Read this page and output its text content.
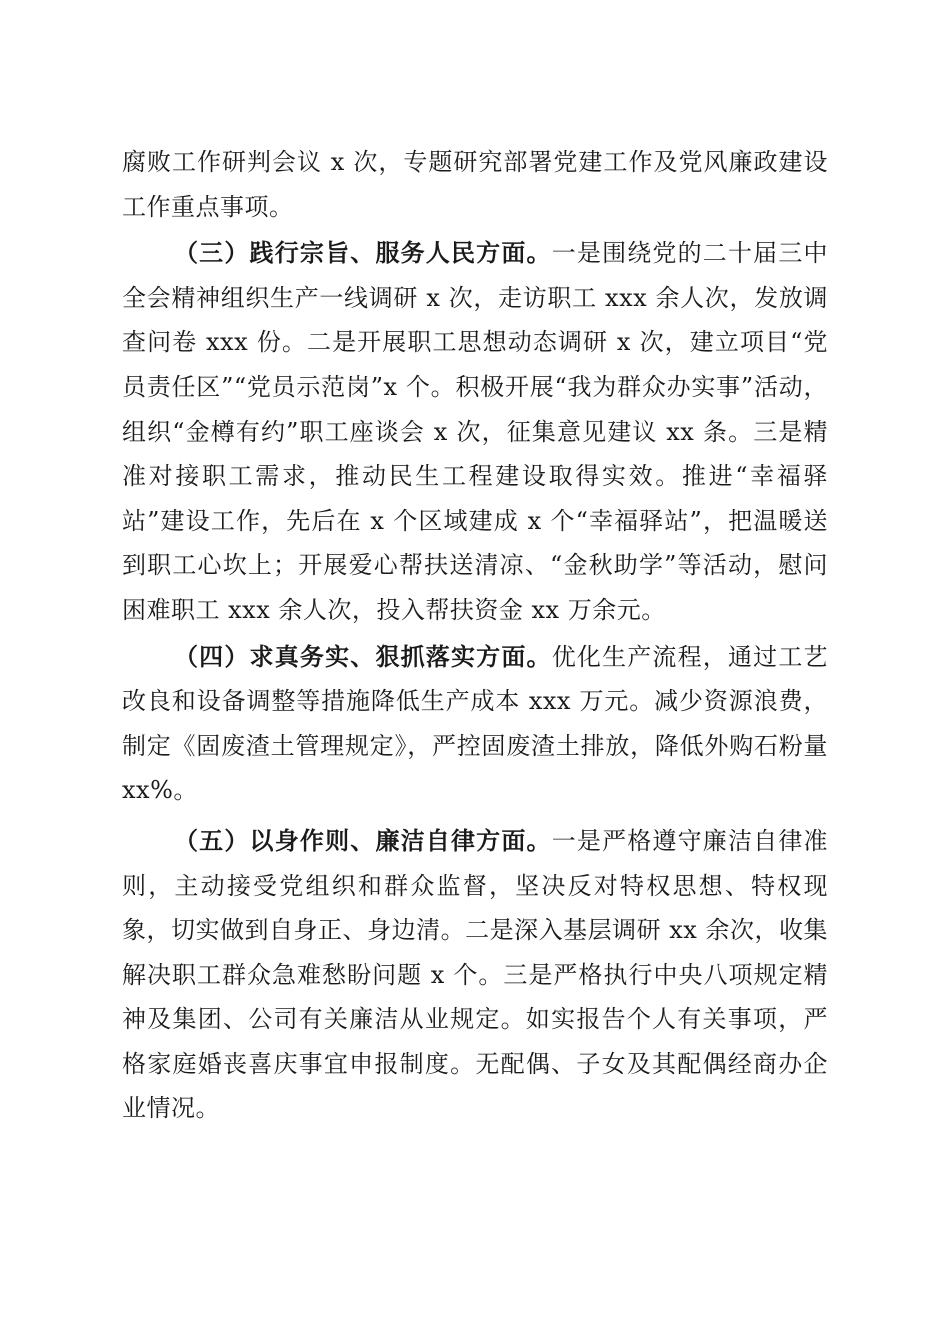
腐败工作研判会议 x 次，专题研究部署党建工作及党风廉政建设工作重点事项。

（三）践行宗旨、服务人民方面。一是围绕党的二十届三中全会精神组织生产一线调研 x 次，走访职工 xxx 余人次，发放调查问卷 xxx 份。二是开展职工思想动态调研 x 次，建立项目“党员责任区”“党员示范岗”x 个。积极开展“我为群众办实事”活动，组织“金樽有约”职工座谈会 x 次，征集意见建议 xx 条。三是精准对接职工需求，推动民生工程建设取得实效。推进“幸福驿站”建设工作，先后在 x 个区域建成 x 个“幸福驿站”，把温暖送到职工心坎上；开展爱心帮扶送清凉、“金秋助学”等活动，慰问困难职工 xxx 余人次，投入帮扶资金 xx 万余元。

（四）求真务实、狠抓落实方面。优化生产流程，通过工艺改良和设备调整等措施降低生产成本 xxx 万元。减少资源浪费，制定《固废渣土管理规定》，严控固废渣土排放，降低外购石粉量 xx%。

（五）以身作则、廉洁自律方面。一是严格遵守廉洁自律准则，主动接受党组织和群众监督，坚决反对特权思想、特权现象，切实做到自身正、身边清。二是深入基层调研 xx 余次，收集解决职工群众急难愁盼问题 x 个。三是严格执行中央八项规定精神及集团、公司有关廉洁从业规定。如实报告个人有关事项，严格家庭婚丧喜庆事宜申报制度。无配偶、子女及其配偶经商办企业情况。
